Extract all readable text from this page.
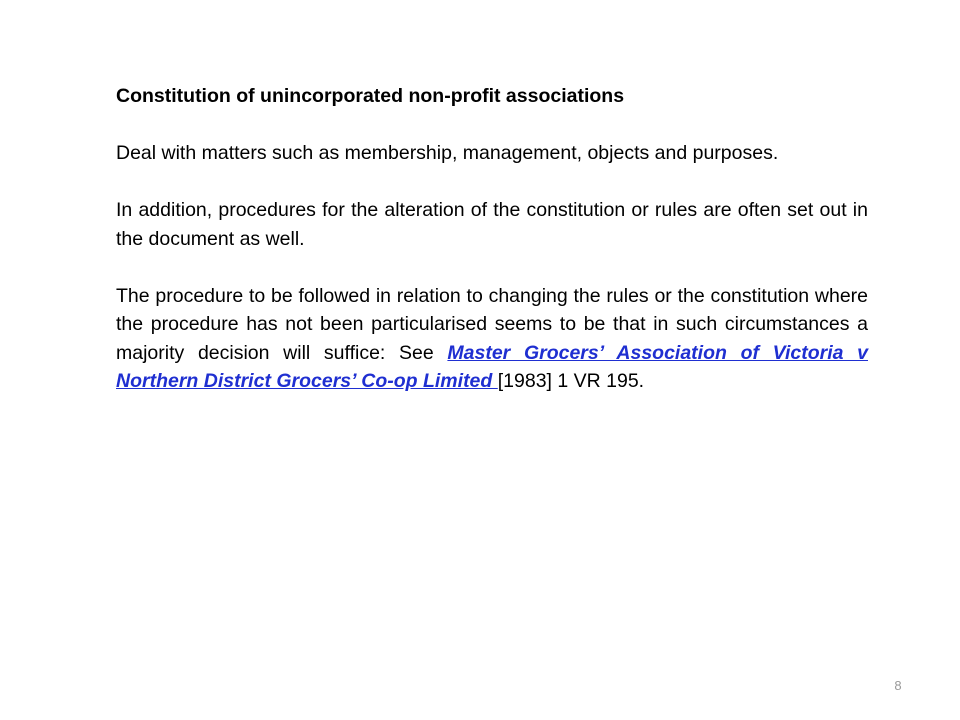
Constitution of unincorporated non-profit associations

Deal with matters such as membership, management, objects and purposes.

In addition, procedures for the alteration of the constitution or rules are often set out in the document as well.

The procedure to be followed in relation to changing the rules or the constitution where the procedure has not been particularised seems to be that in such circumstances a majority decision will suffice: See Master Grocers’ Association of Victoria v Northern District Grocers’ Co-op Limited [1983] 1 VR 195.

8
